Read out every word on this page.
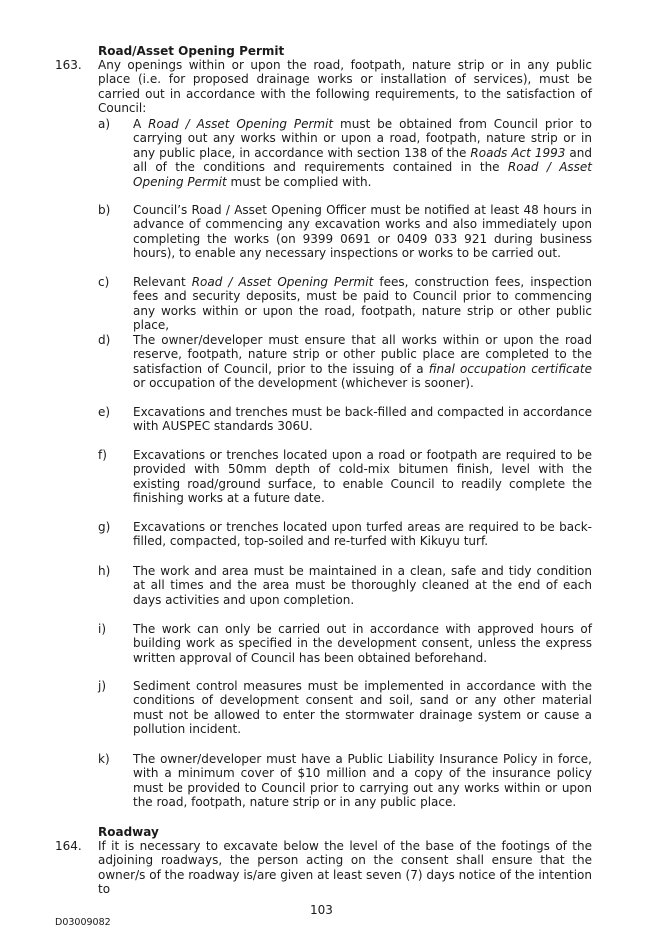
Road/Asset Opening Permit
163. Any openings within or upon the road, footpath, nature strip or in any public place (i.e. for proposed drainage works or installation of services), must be carried out in accordance with the following requirements, to the satisfaction of Council:
a) A Road / Asset Opening Permit must be obtained from Council prior to carrying out any works within or upon a road, footpath, nature strip or in any public place, in accordance with section 138 of the Roads Act 1993 and all of the conditions and requirements contained in the Road / Asset Opening Permit must be complied with.
b) Council’s Road / Asset Opening Officer must be notified at least 48 hours in advance of commencing any excavation works and also immediately upon completing the works (on 9399 0691 or 0409 033 921 during business hours), to enable any necessary inspections or works to be carried out.
c) Relevant Road / Asset Opening Permit fees, construction fees, inspection fees and security deposits, must be paid to Council prior to commencing any works within or upon the road, footpath, nature strip or other public place,
d) The owner/developer must ensure that all works within or upon the road reserve, footpath, nature strip or other public place are completed to the satisfaction of Council, prior to the issuing of a final occupation certificate or occupation of the development (whichever is sooner).
e) Excavations and trenches must be back-filled and compacted in accordance with AUSPEC standards 306U.
f) Excavations or trenches located upon a road or footpath are required to be provided with 50mm depth of cold-mix bitumen finish, level with the existing road/ground surface, to enable Council to readily complete the finishing works at a future date.
g) Excavations or trenches located upon turfed areas are required to be back-filled, compacted, top-soiled and re-turfed with Kikuyu turf.
h) The work and area must be maintained in a clean, safe and tidy condition at all times and the area must be thoroughly cleaned at the end of each days activities and upon completion.
i) The work can only be carried out in accordance with approved hours of building work as specified in the development consent, unless the express written approval of Council has been obtained beforehand.
j) Sediment control measures must be implemented in accordance with the conditions of development consent and soil, sand or any other material must not be allowed to enter the stormwater drainage system or cause a pollution incident.
k) The owner/developer must have a Public Liability Insurance Policy in force, with a minimum cover of $10 million and a copy of the insurance policy must be provided to Council prior to carrying out any works within or upon the road, footpath, nature strip or in any public place.
Roadway
164. If it is necessary to excavate below the level of the base of the footings of the adjoining roadways, the person acting on the consent shall ensure that the owner/s of the roadway is/are given at least seven (7) days notice of the intention to
103
D03009082
